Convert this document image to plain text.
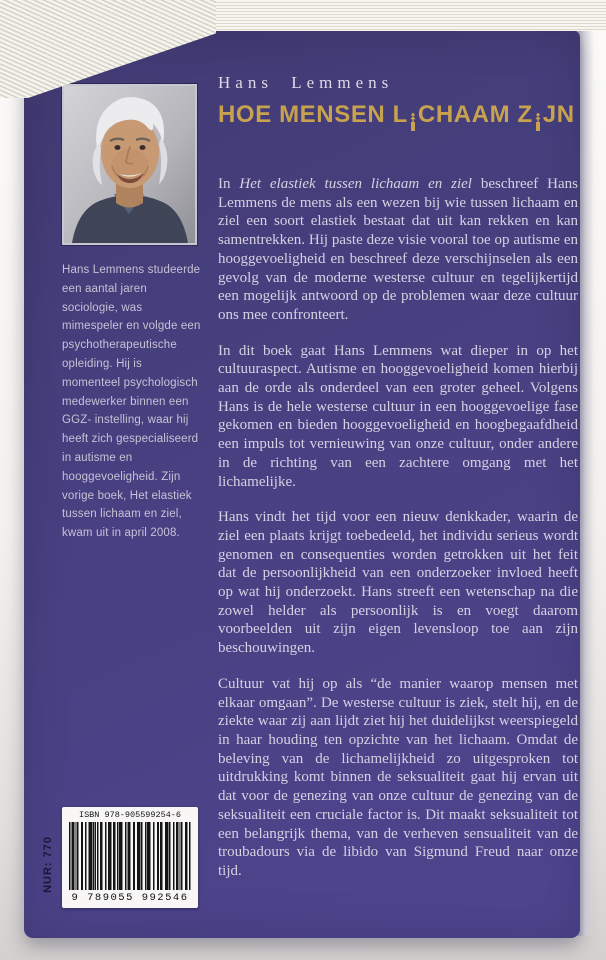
Hans Lemmens studeerde een aantal jaren sociologie, was mimespeler en volgde een psychotherapeutische opleiding. Hij is momenteel psychologisch medewerker binnen een GGZ- instelling, waar hij heeft zich gespecialiseerd in autisme en hooggevoeligheid. Zijn vorige boek, Het elastiek tussen lichaam en ziel, kwam uit in april 2008.
Hans Lemmens
HOE MENSEN L CHAAM Z JN

In Het elastiek tussen lichaam en ziel beschreef Hans Lemmens de mens als een wezen bij wie tussen lichaam en ziel een soort elastiek bestaat dat uit kan rekken en kan samentrekken. Hij paste deze visie vooral toe op autisme en hooggevoeligheid en beschreef deze verschijnselen als een gevolg van de moderne westerse cultuur en tegelijkertijd een mogelijk antwoord op de problemen waar deze cultuur ons mee confronteert.

In dit boek gaat Hans Lemmens wat dieper in op het cultuuraspect. Autisme en hooggevoeligheid komen hierbij aan de orde als onderdeel van een groter geheel. Volgens Hans is de hele westerse cultuur in een hooggevoelige fase gekomen en bieden hooggevoeligheid en hoogbegaafdheid een impuls tot vernieuwing van onze cultuur, onder andere in de richting van een zachtere omgang met het lichamelijke.

Hans vindt het tijd voor een nieuw denkkader, waarin de ziel een plaats krijgt toebedeeld, het individu serieus wordt genomen en consequenties worden getrokken uit het feit dat de persoonlijkheid van een onderzoeker invloed heeft op wat hij onderzoekt. Hans streeft een wetenschap na die zowel helder als persoonlijk is en voegt daarom voorbeelden uit zijn eigen levensloop toe aan zijn beschouwingen.

Cultuur vat hij op als “de manier waarop mensen met elkaar omgaan”. De westerse cultuur is ziek, stelt hij, en de ziekte waar zij aan lijdt ziet hij het duidelijkst weerspiegeld in haar houding ten opzichte van het lichaam. Omdat de beleving van de lichamelijkheid zo uitgesproken tot uitdrukking komt binnen de seksualiteit gaat hij ervan uit dat voor de genezing van onze cultuur de genezing van de seksualiteit een cruciale factor is. Dit maakt seksualiteit tot een belangrijk thema, van de verheven sensualiteit van de troubadours via de libido van Sigmund Freud naar onze tijd.

NUR: 770
ISBN 978-905599254-6
9 789055 992546
